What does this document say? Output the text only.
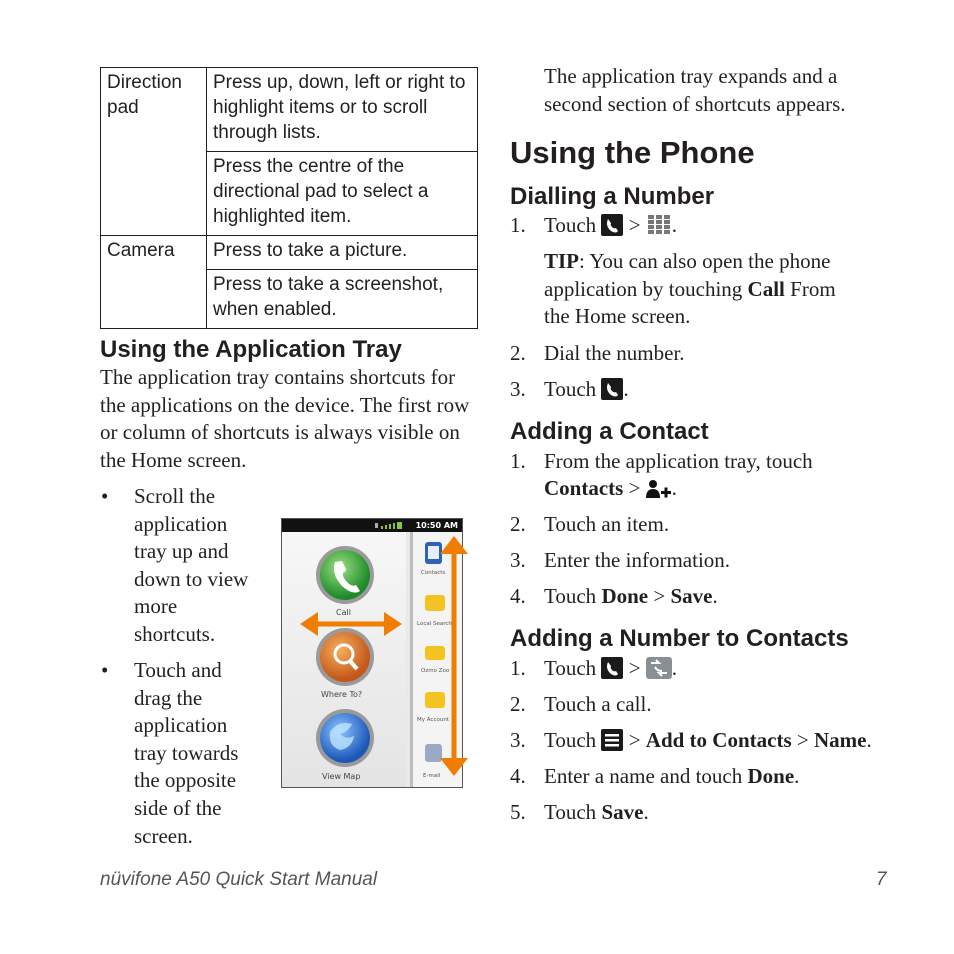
Direction pad	Press up, down, left or right to highlight items or to scroll through lists.
	Press the centre of the directional pad to select a highlighted item.
Camera	Press to take a picture.
	Press to take a screenshot, when enabled.
Using the Application Tray

The application tray contains shortcuts for the applications on the device. The first row or column of shortcuts is always visible on the Home screen.

• Scroll the application tray up and down to view more shortcuts.

• Touch and drag the application tray towards the opposite side of the screen.

10:50 AM
Call
Where To?
View Map
Contacts
Local Search
Ozmo Zoo
My Account
E-mail

The application tray expands and a second section of shortcuts appears.

Using the Phone
Dialling a Number
1. Touch > .

TIP: You can also open the phone application by touching Call From the Home screen.

2. Dial the number.

3. Touch .

Adding a Contact
1. From the application tray, touch

Contacts > .

2. Touch an item.

3. Enter the information.

4. Touch Done > Save.

Adding a Number to Contacts
1. Touch > .

2. Touch a call.

3. Touch > Add to Contacts > Name.

4. Enter a name and touch Done.

5. Touch Save.

nüvifone A50 Quick Start Manual	7
